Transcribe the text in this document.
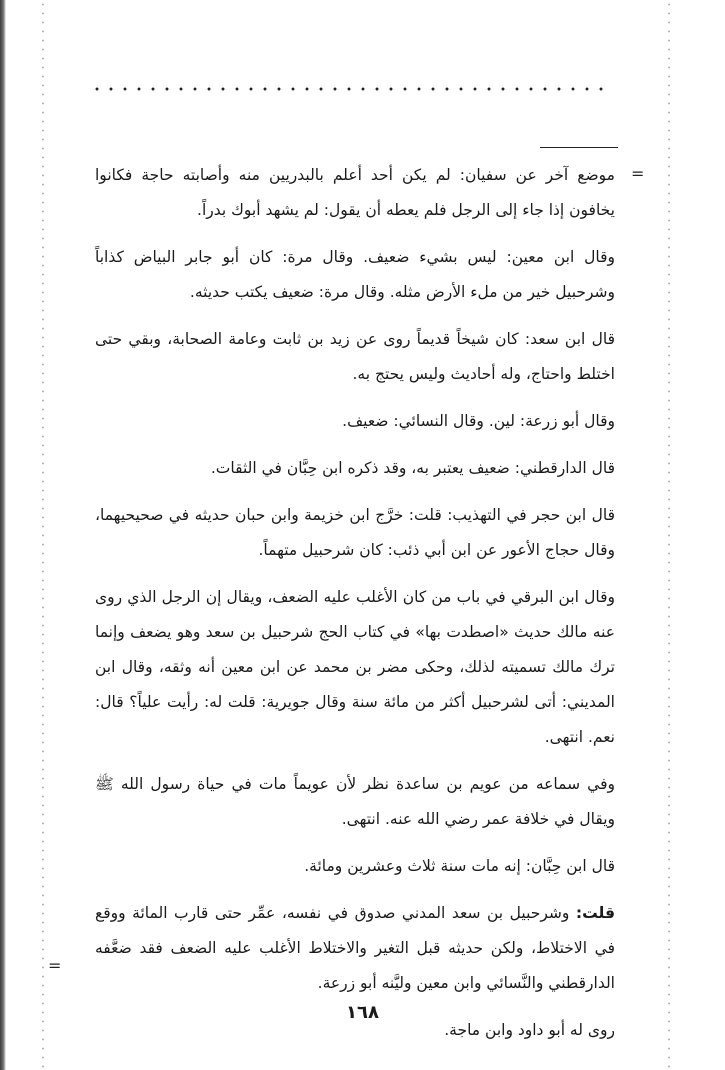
=
=

موضع آخر عن سفيان: لم يكن أحد أعلم بالبدريين منه وأصابته حاجة فكانوا يخافون إذا جاء إلى الرجل فلم يعطه أن يقول: لم يشهد أبوك بدراً.

وقال ابن معين: ليس بشيء ضعيف. وقال مرة: كان أبو جابر البياض كذاباً وشرحبيل خير من ملء الأرض مثله. وقال مرة: ضعيف يكتب حديثه.

قال ابن سعد: كان شيخاً قديماً روى عن زيد بن ثابت وعامة الصحابة، وبقي حتى اختلط واحتاج، وله أحاديث وليس يحتج به.

وقال أبو زرعة: لين. وقال النسائي: ضعيف.

قال الدارقطني: ضعيف يعتبر به، وقد ذكره ابن حِبَّان في الثقات.

قال ابن حجر في التهذيب: قلت: خرَّج ابن خزيمة وابن حبان حديثه في صحيحيهما، وقال حجاج الأعور عن ابن أبي ذئب: كان شرحبيل متهماً.

وقال ابن البرقي في باب من كان الأغلب عليه الضعف، ويقال إن الرجل الذي روى عنه مالك حديث «اصطدت بها» في كتاب الحج شرحبيل بن سعد وهو يضعف وإنما ترك مالك تسميته لذلك، وحكى مضر بن محمد عن ابن معين أنه وثقه، وقال ابن المديني: أتى لشرحبيل أكثر من مائة سنة وقال جويرية: قلت له: رأيت علياً؟ قال: نعم. انتهى.

وفي سماعه من عويم بن ساعدة نظر لأن عويماً مات في حياة رسول الله ﷺ ويقال في خلافة عمر رضي الله عنه. انتهى.

قال ابن حِبَّان: إنه مات سنة ثلاث وعشرين ومائة.

قلت: وشرحبيل بن سعد المدني صدوق في نفسه، عمِّر حتى قارب المائة ووقع في الاختلاط، ولكن حديثه قبل التغير والاختلاط الأغلب عليه الضعف فقد ضعَّفه الدارقطني والنَّسائي وابن معين وليَّنه أبو زرعة.

روى له أبو داود وابن ماجة.

١٦٨
